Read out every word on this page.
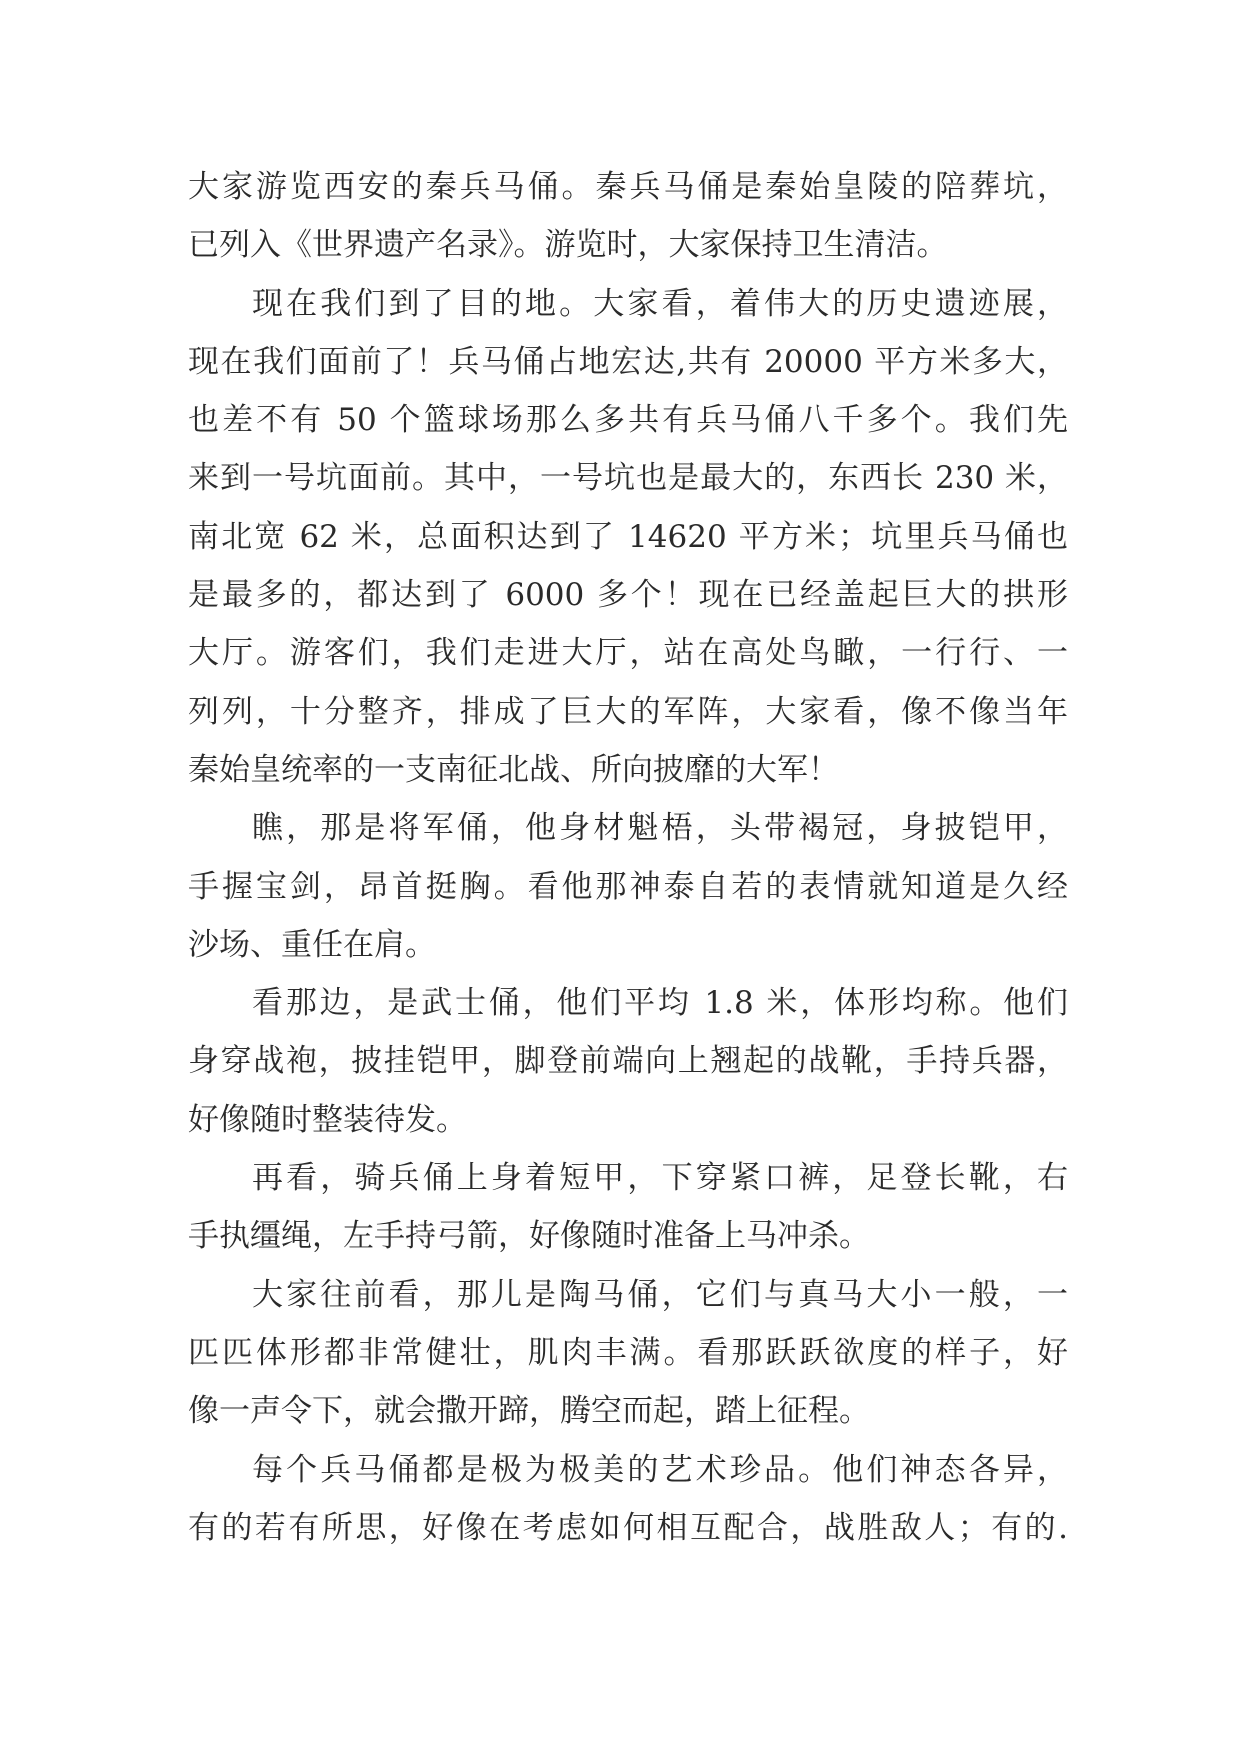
大家游览西安的秦兵马俑。秦兵马俑是秦始皇陵的陪葬坑，
已列入《世界遗产名录》。游览时，大家保持卫生清洁。
现在我们到了目的地。大家看，着伟大的历史遗迹展，
现在我们面前了！兵马俑占地宏达,共有 20000 平方米多大，
也差不有 50 个篮球场那么多共有兵马俑八千多个。我们先
来到一号坑面前。其中，一号坑也是最大的，东西长 230 米，
南北宽 62 米，总面积达到了 14620 平方米；坑里兵马俑也
是最多的，都达到了 6000 多个！现在已经盖起巨大的拱形
大厅。游客们，我们走进大厅，站在高处鸟瞰，一行行、一
列列，十分整齐，排成了巨大的军阵，大家看，像不像当年
秦始皇统率的一支南征北战、所向披靡的大军！
瞧，那是将军俑，他身材魁梧，头带褐冠，身披铠甲，
手握宝剑，昂首挺胸。看他那神泰自若的表情就知道是久经
沙场、重任在肩。
看那边，是武士俑，他们平均 1.8 米，体形均称。他们
身穿战袍，披挂铠甲，脚登前端向上翘起的战靴，手持兵器，
好像随时整装待发。
再看，骑兵俑上身着短甲，下穿紧口裤，足登长靴，右
手执缰绳，左手持弓箭，好像随时准备上马冲杀。
大家往前看，那儿是陶马俑，它们与真马大小一般，一
匹匹体形都非常健壮，肌肉丰满。看那跃跃欲度的样子，好
像一声令下，就会撒开蹄，腾空而起，踏上征程。
每个兵马俑都是极为极美的艺术珍品。他们神态各异，
有的若有所思，好像在考虑如何相互配合，战胜敌人；有的.
